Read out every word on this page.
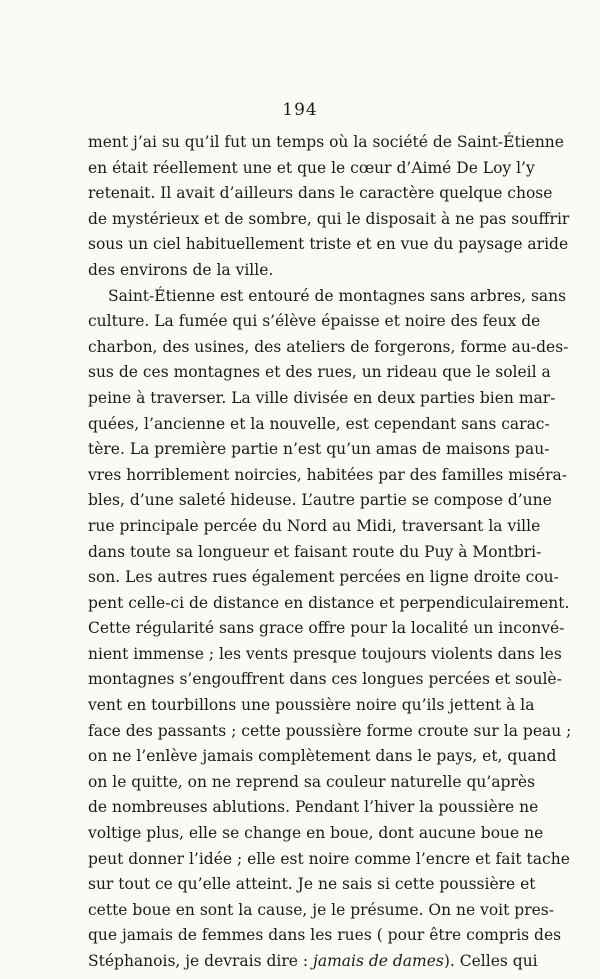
194
ment j’ai su qu’il fut un temps où la société de Saint-Étienne
en était réellement une et que le cœur d’Aimé De Loy l’y
retenait. Il avait d’ailleurs dans le caractère quelque chose
de mystérieux et de sombre, qui le disposait à ne pas souffrir
sous un ciel habituellement triste et en vue du paysage aride
des environs de la ville.
Saint-Étienne est entouré de montagnes sans arbres, sans
culture. La fumée qui s’élève épaisse et noire des feux de
charbon, des usines, des ateliers de forgerons, forme au-des-
sus de ces montagnes et des rues, un rideau que le soleil a
peine à traverser. La ville divisée en deux parties bien mar-
quées, l’ancienne et la nouvelle, est cependant sans carac-
tère. La première partie n’est qu’un amas de maisons pau-
vres horriblement noircies, habitées par des familles miséra-
bles, d’une saleté hideuse. L’autre partie se compose d’une
rue principale percée du Nord au Midi, traversant la ville
dans toute sa longueur et faisant route du Puy à Montbri-
son. Les autres rues également percées en ligne droite cou-
pent celle-ci de distance en distance et perpendiculairement.
Cette régularité sans grace offre pour la localité un inconvé-
nient immense ; les vents presque toujours violents dans les
montagnes s’engouffrent dans ces longues percées et soulè-
vent en tourbillons une poussière noire qu’ils jettent à la
face des passants ; cette poussière forme croute sur la peau ;
on ne l’enlève jamais complètement dans le pays, et, quand
on le quitte, on ne reprend sa couleur naturelle qu’après
de nombreuses ablutions. Pendant l’hiver la poussière ne
voltige plus, elle se change en boue, dont aucune boue ne
peut donner l’idée ; elle est noire comme l’encre et fait tache
sur tout ce qu’elle atteint. Je ne sais si cette poussière et
cette boue en sont la cause, je le présume. On ne voit pres-
que jamais de femmes dans les rues ( pour être compris des
Stéphanois, je devrais dire : jamais de dames). Celles qui
